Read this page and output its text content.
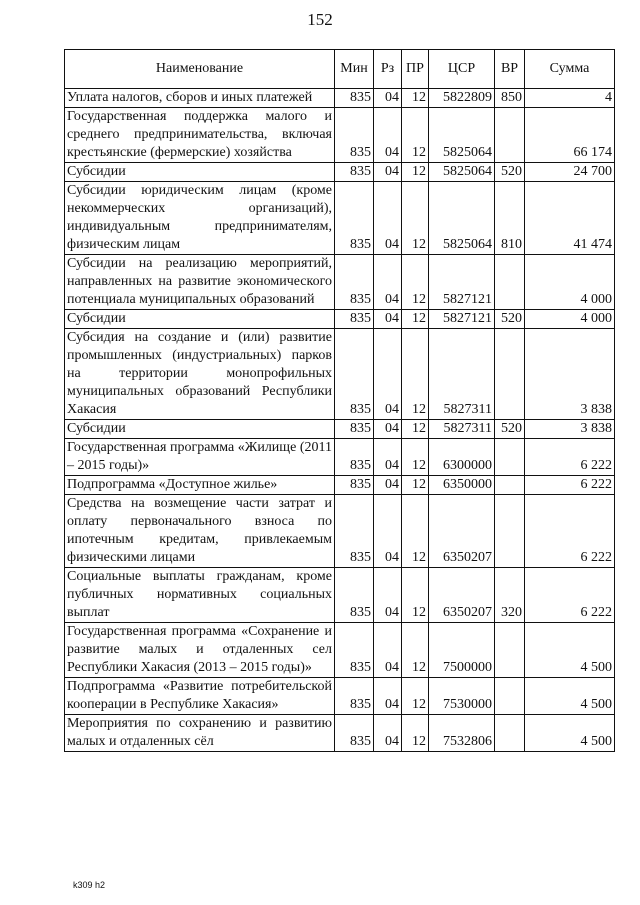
152
Наименование	Мин	Рз	ПР	ЦСР	ВР	Сумма
Уплата налогов, сборов и иных платежей	835	04	12	5822809	850	4
Государственная поддержка малого и среднего предпринимательства, включая крестьянские (фермерские) хозяйства	835	04	12	5825064		66 174
Субсидии	835	04	12	5825064	520	24 700
Субсидии юридическим лицам (кроме некоммерческих организаций), индивидуальным предпринимателям, физическим лицам	835	04	12	5825064	810	41 474
Субсидии на реализацию мероприятий, направленных на развитие экономического потенциала муниципальных образований	835	04	12	5827121		4 000
Субсидии	835	04	12	5827121	520	4 000
Субсидия на создание и (или) развитие промышленных (индустриальных) парков на территории монопрофильных муниципальных образований Республики Хакасия	835	04	12	5827311		3 838
Субсидии	835	04	12	5827311	520	3 838
Государственная программа «Жилище (2011 – 2015 годы)»	835	04	12	6300000		6 222
Подпрограмма «Доступное жилье»	835	04	12	6350000		6 222
Средства на возмещение части затрат и оплату первоначального взноса по ипотечным кредитам, привлекаемым физическими лицами	835	04	12	6350207		6 222
Социальные выплаты гражданам, кроме публичных нормативных социальных выплат	835	04	12	6350207	320	6 222
Государственная программа «Сохранение и развитие малых и отдаленных сел Республики Хакасия (2013 – 2015 годы)»	835	04	12	7500000		4 500
Подпрограмма «Развитие потребительской кооперации в Республике Хакасия»	835	04	12	7530000		4 500
Мероприятия по сохранению и развитию малых и отдаленных сёл	835	04	12	7532806		4 500
k309 h2
